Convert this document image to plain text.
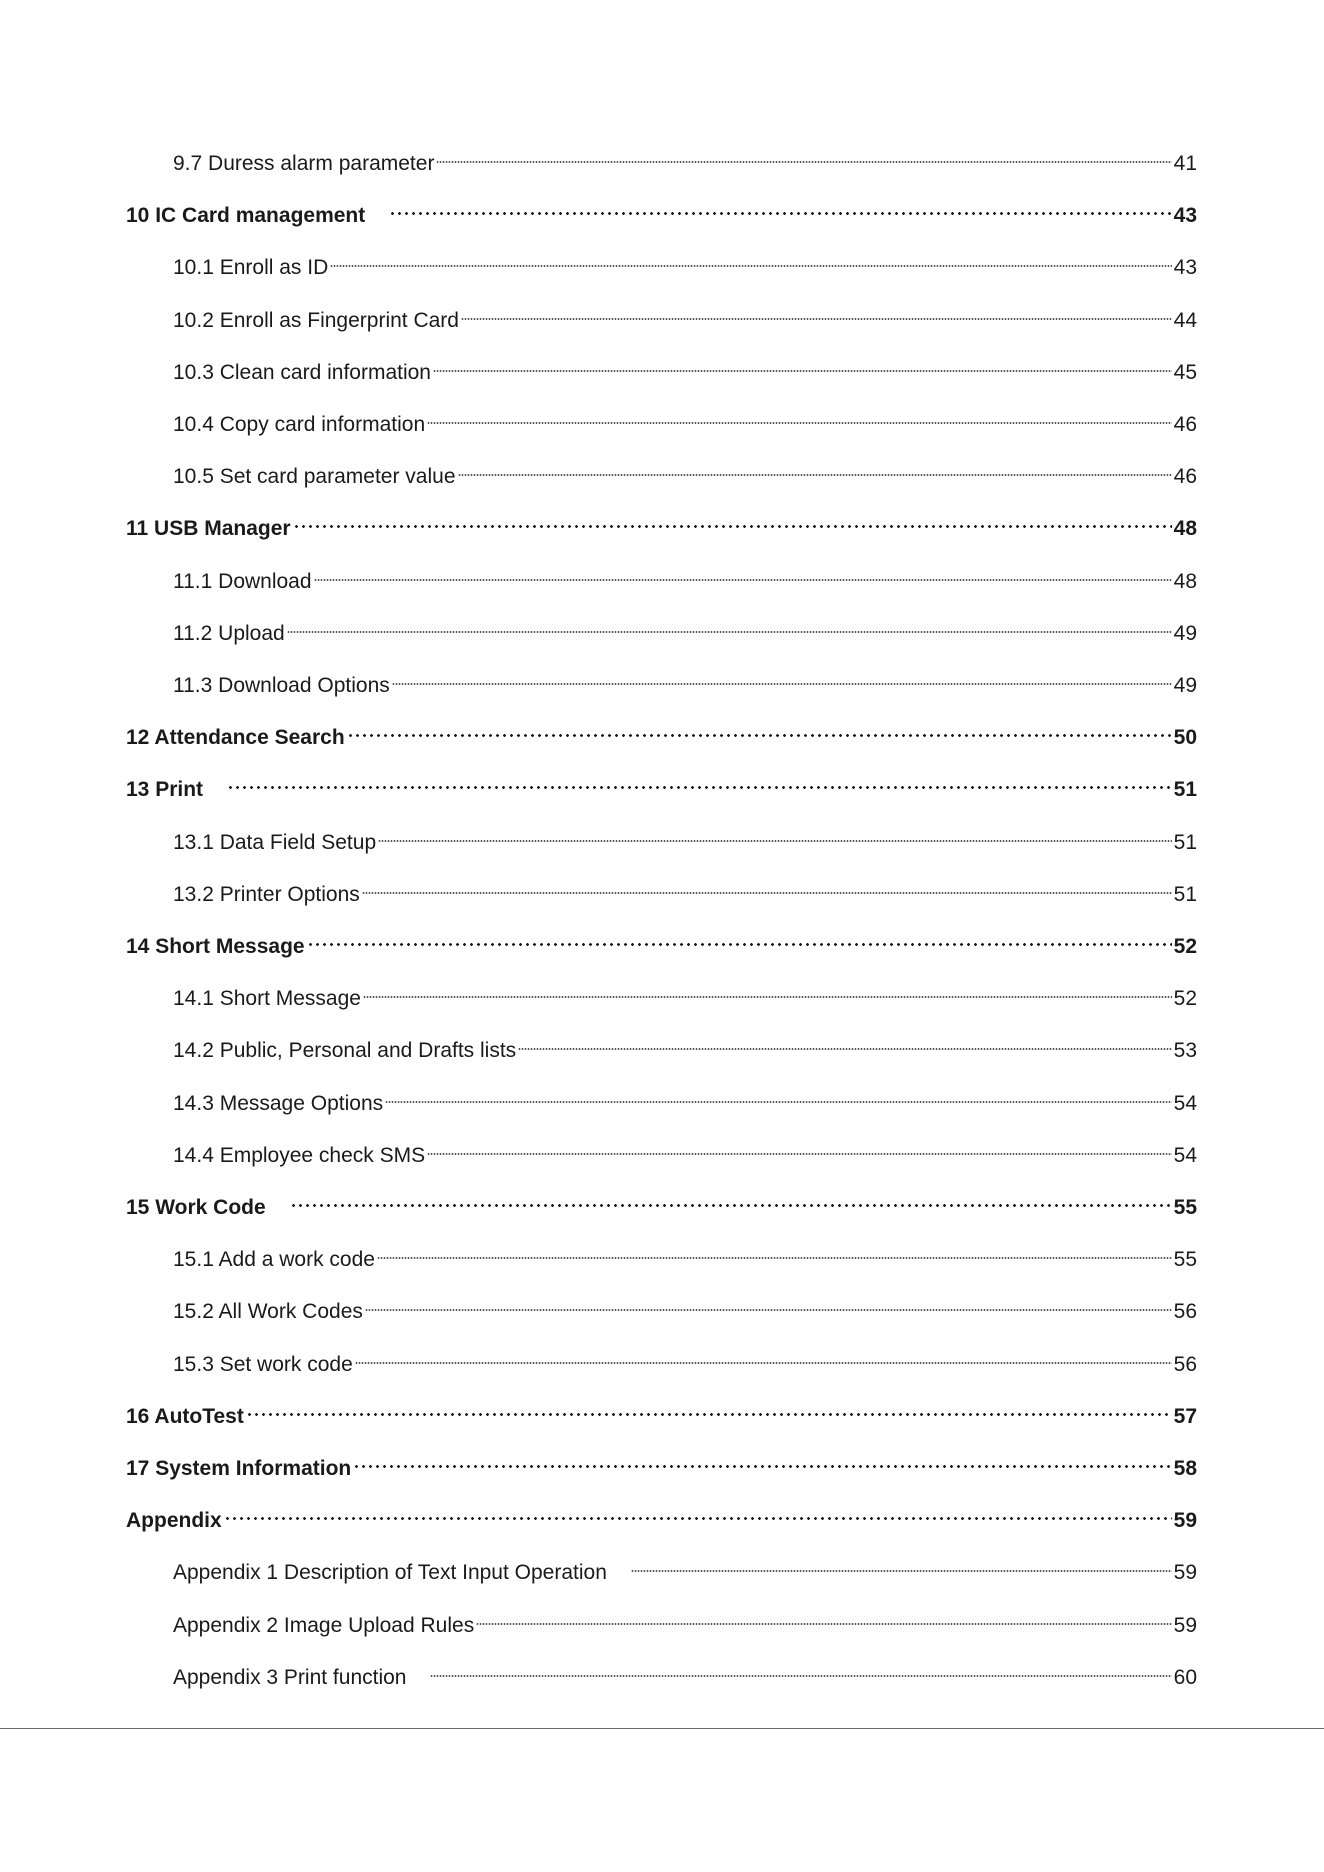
9.7 Duress alarm parameter	41
10 IC Card management	43
10.1 Enroll as ID	43
10.2 Enroll as Fingerprint Card	44
10.3 Clean card information	45
10.4 Copy card information	46
10.5 Set card parameter value	46
11 USB Manager	48
11.1 Download	48
11.2 Upload	49
11.3 Download Options	49
12 Attendance Search	50
13 Print	51
13.1 Data Field Setup	51
13.2 Printer Options	51
14 Short Message	52
14.1 Short Message	52
14.2 Public, Personal and Drafts lists	53
14.3 Message Options	54
14.4 Employee check SMS	54
15 Work Code	55
15.1 Add a work code	55
15.2 All Work Codes	56
15.3 Set work code	56
16 AutoTest	57
17 System Information	58
Appendix	59
Appendix 1 Description of Text Input Operation	59
Appendix 2 Image Upload Rules	59
Appendix 3 Print function	60
